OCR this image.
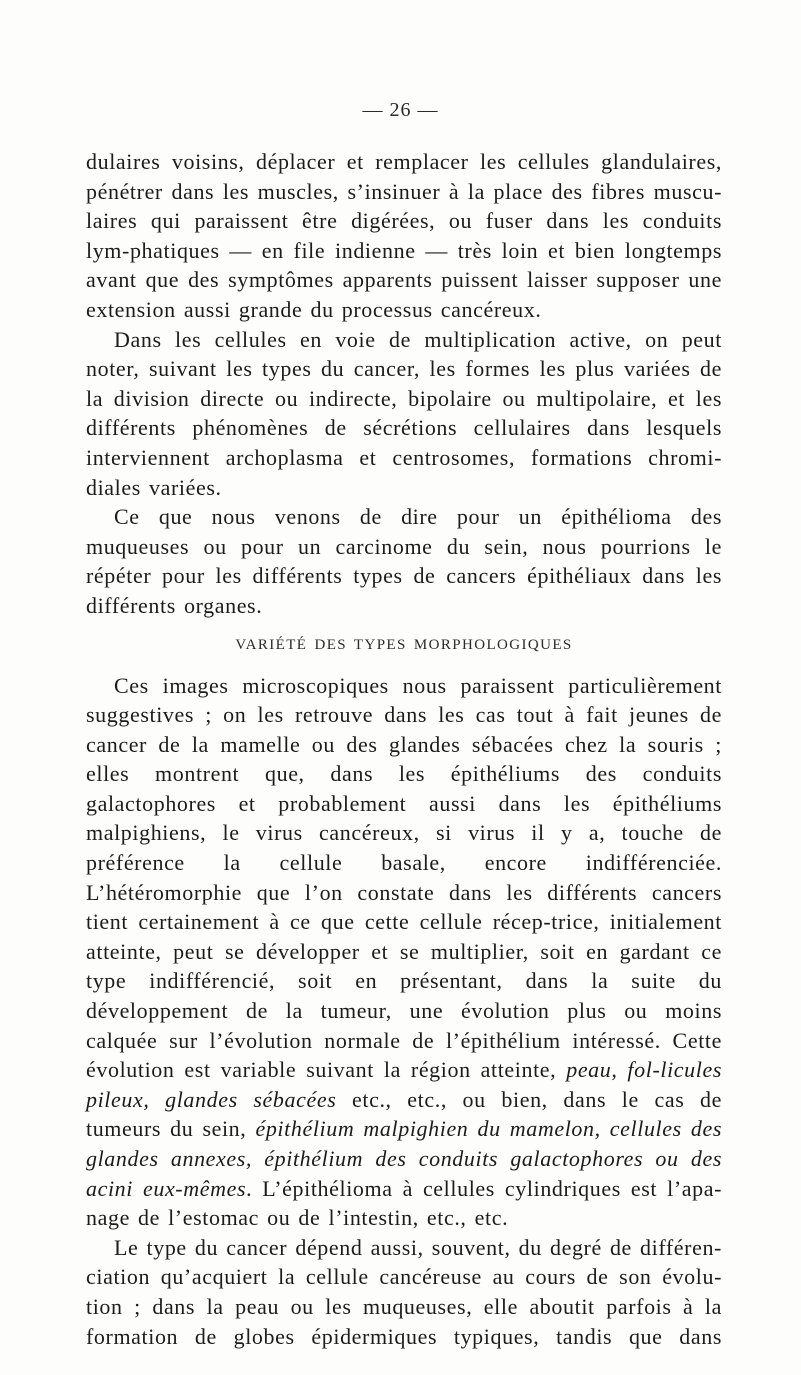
— 26 —

dulaires voisins, déplacer et remplacer les cellules glandulaires, pénétrer dans les muscles, s’insinuer à la place des fibres muscu-laires qui paraissent être digérées, ou fuser dans les conduits lym-phatiques — en file indienne — très loin et bien longtemps avant que des symptômes apparents puissent laisser supposer une extension aussi grande du processus cancéreux.

Dans les cellules en voie de multiplication active, on peut noter, suivant les types du cancer, les formes les plus variées de la division directe ou indirecte, bipolaire ou multipolaire, et les différents phénomènes de sécrétions cellulaires dans lesquels interviennent archoplasma et centrosomes, formations chromi-diales variées.

Ce que nous venons de dire pour un épithélioma des muqueuses ou pour un carcinome du sein, nous pourrions le répéter pour les différents types de cancers épithéliaux dans les différents organes.

VARIÉTÉ DES TYPES MORPHOLOGIQUES

Ces images microscopiques nous paraissent particulièrement suggestives ; on les retrouve dans les cas tout à fait jeunes de cancer de la mamelle ou des glandes sébacées chez la souris ; elles montrent que, dans les épithéliums des conduits galactophores et probablement aussi dans les épithéliums malpighiens, le virus cancéreux, si virus il y a, touche de préférence la cellule basale, encore indifférenciée. L’hétéromorphie que l’on constate dans les différents cancers tient certainement à ce que cette cellule récep-trice, initialement atteinte, peut se développer et se multiplier, soit en gardant ce type indifférencié, soit en présentant, dans la suite du développement de la tumeur, une évolution plus ou moins calquée sur l’évolution normale de l’épithélium intéressé. Cette évolution est variable suivant la région atteinte, peau, fol-licules pileux, glandes sébacées etc., etc., ou bien, dans le cas de tumeurs du sein, épithélium malpighien du mamelon, cellules des glandes annexes, épithélium des conduits galactophores ou des acini eux-mêmes. L’épithélioma à cellules cylindriques est l’apa-nage de l’estomac ou de l’intestin, etc., etc.

Le type du cancer dépend aussi, souvent, du degré de différen-ciation qu’acquiert la cellule cancéreuse au cours de son évolu-tion ; dans la peau ou les muqueuses, elle aboutit parfois à la formation de globes épidermiques typiques, tandis que dans
